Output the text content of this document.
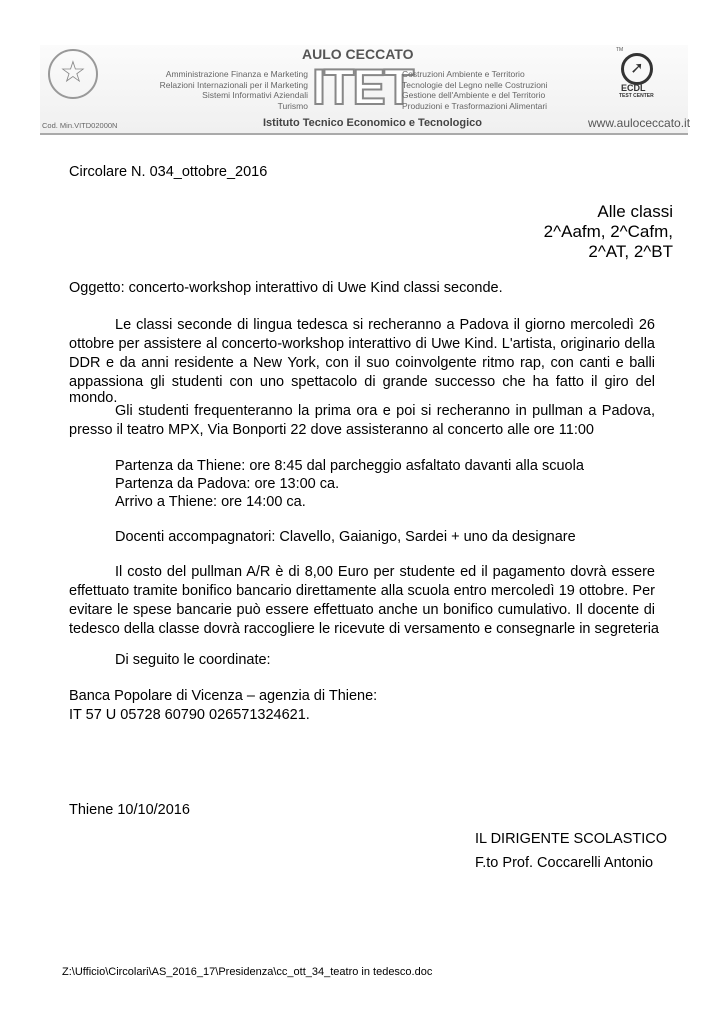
☆
Cod. Min.VITD02000N
AULO CECCATO
Amministrazione Finanza e Marketing
Relazioni Internazionali per il Marketing
Sistemi Informativi Aziendali
Turismo ITET
Costruzioni Ambiente e Territorio
Tecnologie del Legno nelle Costruzioni
Gestione dell'Ambiente e del Territorio
Produzioni e Trasformazioni Alimentari
Istituto Tecnico Economico e Tecnologico
TM
➚
ECDL
TEST CENTER
www.auloceccato.it
Circolare N. 034_ottobre_2016
Alle classi
2^Aafm, 2^Cafm,
2^AT, 2^BT
Oggetto: concerto-workshop interattivo di Uwe Kind classi seconde.
Le classi seconde di lingua tedesca si recheranno a Padova il giorno mercoledì 26
ottobre per assistere al concerto-workshop interattivo di Uwe Kind. L'artista, originario della
DDR e da anni residente a New York, con il suo coinvolgente ritmo rap, con canti e balli
appassiona gli studenti con uno spettacolo di grande successo che ha fatto il giro del mondo.
Gli studenti frequenteranno la prima ora e poi si recheranno in pullman a Padova,
presso il teatro MPX, Via Bonporti 22 dove assisteranno al concerto alle ore 11:00
Partenza da Thiene: ore 8:45 dal parcheggio asfaltato davanti alla scuola
Partenza da Padova: ore 13:00 ca.
Arrivo a Thiene: ore 14:00 ca.
Docenti accompagnatori: Clavello, Gaianigo, Sardei + uno da designare
Il costo del pullman A/R è di 8,00 Euro per studente ed il pagamento dovrà essere
effettuato tramite bonifico bancario direttamente alla scuola entro mercoledì 19 ottobre. Per
evitare le spese bancarie può essere effettuato anche un bonifico cumulativo. Il docente di
tedesco della classe dovrà raccogliere le ricevute di versamento e consegnarle in segreteria
Di seguito le coordinate:
Banca Popolare di Vicenza – agenzia di Thiene:
IT 57 U 05728 60790 026571324621.
Thiene 10/10/2016
IL DIRIGENTE SCOLASTICO
F.to Prof. Coccarelli Antonio
Z:\Ufficio\Circolari\AS_2016_17\Presidenza\cc_ott_34_teatro in tedesco.doc
